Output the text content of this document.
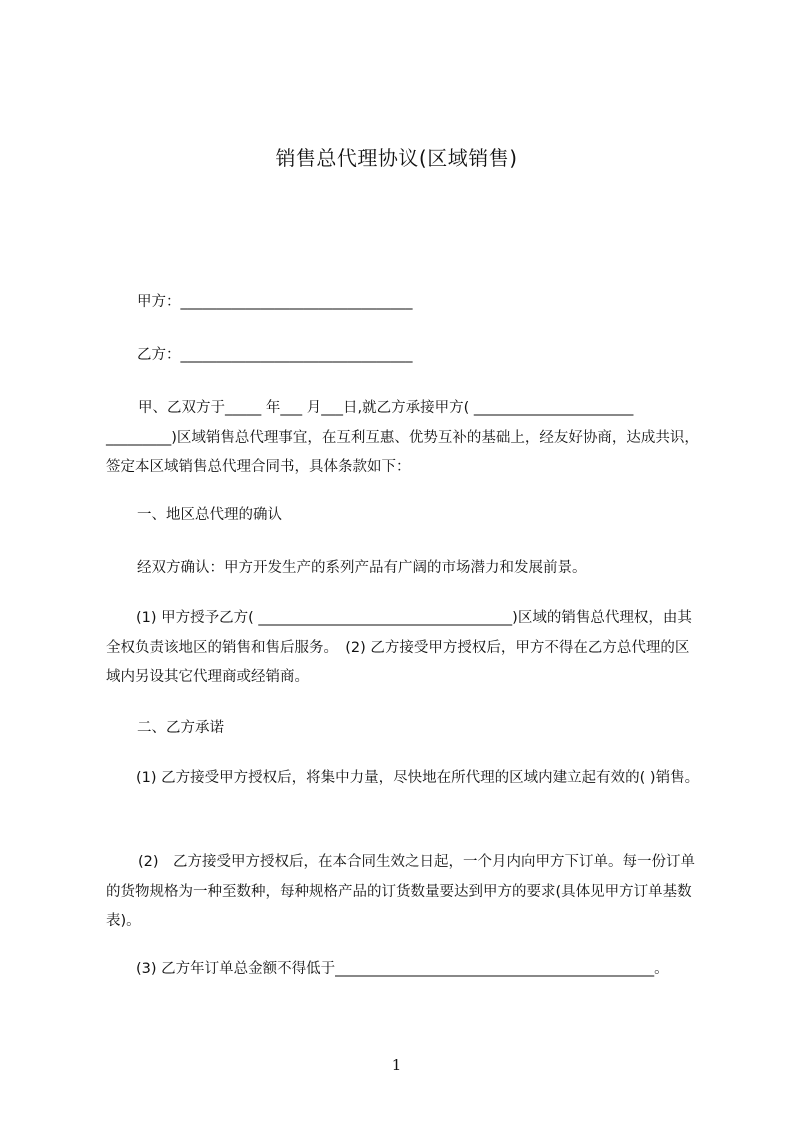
销售总代理协议(区域销售)
甲方：________________________________
乙方：________________________________

甲、乙双方于_____ 年___ 月___日,就乙方承接甲方( ______________________ _________)区域销售总代理事宜，在互利互惠、优势互补的基础上，经友好协商，达成共识，签定本区域销售总代理合同书，具体条款如下：

一、地区总代理的确认
经双方确认：甲方开发生产的系列产品有广阔的市场潜力和发展前景。

(1) 甲方授予乙方( ___________________________________)区域的销售总代理权，由其全权负责该地区的销售和售后服务。　(2) 乙方接受甲方授权后，甲方不得在乙方总代理的区域内另设其它代理商或经销商。

二、乙方承诺

(1) 乙方接受甲方授权后，将集中力量，尽快地在所代理的区域内建立起有效的( )销售。

(2)　乙方接受甲方授权后，在本合同生效之日起，一个月内向甲方下订单。每一份订单的货物规格为一种至数种，每种规格产品的订货数量要达到甲方的要求(具体见甲方订单基数表)。

(3) 乙方年订单总金额不得低于____________________________________________。

1
